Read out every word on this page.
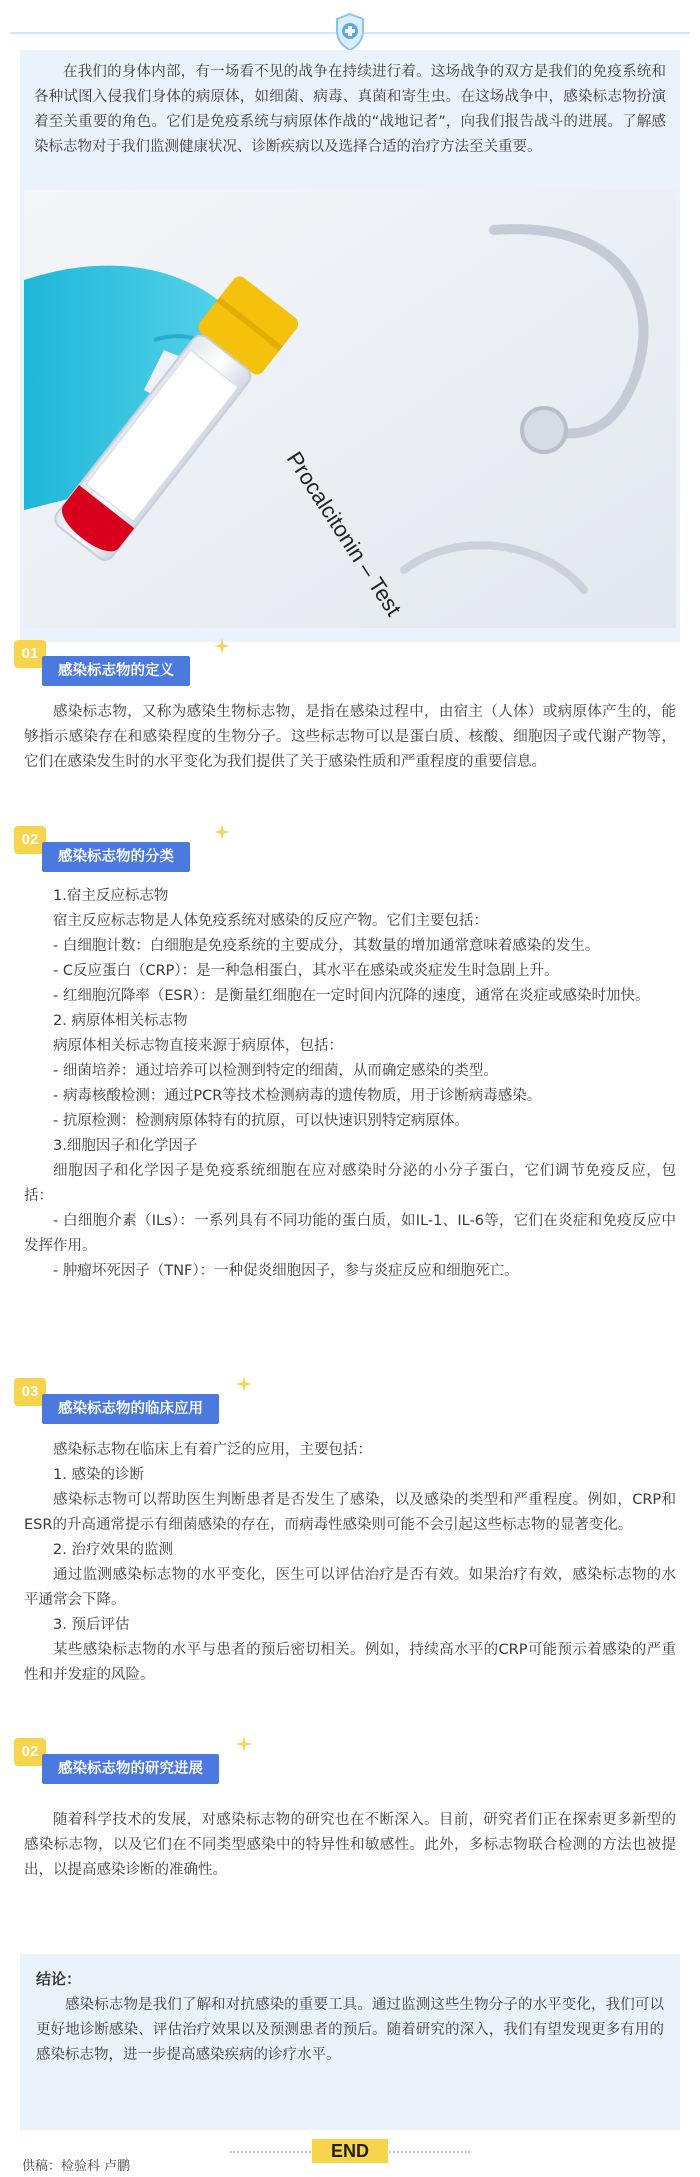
在我们的身体内部，有一场看不见的战争在持续进行着。这场战争的双方是我们的免疫系统和各种试图入侵我们身体的病原体，如细菌、病毒、真菌和寄生虫。在这场战争中，感染标志物扮演着至关重要的角色。它们是免疫系统与病原体作战的“战地记者”，向我们报告战斗的进展。了解感染标志物对于我们监测健康状况、诊断疾病以及选择合适的治疗方法至关重要。

Procalcitonin – Test
01
感染标志物的定义

感染标志物，又称为感染生物标志物，是指在感染过程中，由宿主（人体）或病原体产生的，能够指示感染存在和感染程度的生物分子。这些标志物可以是蛋白质、核酸、细胞因子或代谢产物等，它们在感染发生时的水平变化为我们提供了关于感染性质和严重程度的重要信息。

02
感染标志物的分类

1.宿主反应标志物

宿主反应标志物是人体免疫系统对感染的反应产物。它们主要包括：

- 白细胞计数：白细胞是免疫系统的主要成分，其数量的增加通常意味着感染的发生。

- C反应蛋白（CRP）：是一种急相蛋白，其水平在感染或炎症发生时急剧上升。

- 红细胞沉降率（ESR）：是衡量红细胞在一定时间内沉降的速度，通常在炎症或感染时加快。

2. 病原体相关标志物

病原体相关标志物直接来源于病原体，包括：

- 细菌培养：通过培养可以检测到特定的细菌，从而确定感染的类型。

- 病毒核酸检测：通过PCR等技术检测病毒的遗传物质，用于诊断病毒感染。

- 抗原检测：检测病原体特有的抗原，可以快速识别特定病原体。

3.细胞因子和化学因子

细胞因子和化学因子是免疫系统细胞在应对感染时分泌的小分子蛋白，它们调节免疫反应，包括：

- 白细胞介素（ILs）：一系列具有不同功能的蛋白质，如IL-1、IL-6等，它们在炎症和免疫反应中发挥作用。

- 肿瘤坏死因子（TNF）：一种促炎细胞因子，参与炎症反应和细胞死亡。

03
感染标志物的临床应用

感染标志物在临床上有着广泛的应用，主要包括：

1. 感染的诊断

感染标志物可以帮助医生判断患者是否发生了感染，以及感染的类型和严重程度。例如，CRP和ESR的升高通常提示有细菌感染的存在，而病毒性感染则可能不会引起这些标志物的显著变化。

2. 治疗效果的监测

通过监测感染标志物的水平变化，医生可以评估治疗是否有效。如果治疗有效，感染标志物的水平通常会下降。

3. 预后评估

某些感染标志物的水平与患者的预后密切相关。例如，持续高水平的CRP可能预示着感染的严重性和并发症的风险。

02
感染标志物的研究进展

随着科学技术的发展，对感染标志物的研究也在不断深入。目前，研究者们正在探索更多新型的感染标志物，以及它们在不同类型感染中的特异性和敏感性。此外，多标志物联合检测的方法也被提出，以提高感染诊断的准确性。

结论：

感染标志物是我们了解和对抗感染的重要工具。通过监测这些生物分子的水平变化，我们可以更好地诊断感染、评估治疗效果以及预测患者的预后。随着研究的深入，我们有望发现更多有用的感染标志物，进一步提高感染疾病的诊疗水平。

END
供稿：检验科 卢鹏
